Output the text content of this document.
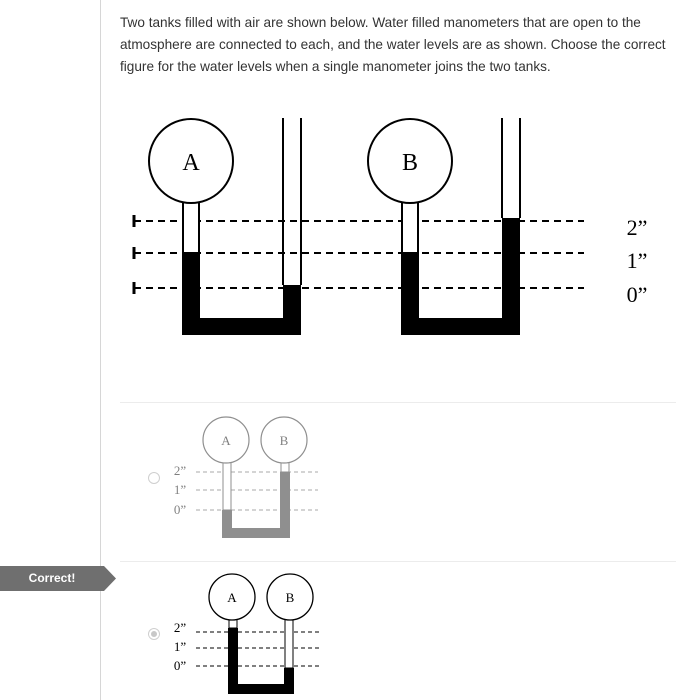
Two tanks filled with air are shown below. Water filled manometers that are open to the atmosphere are connected to each, and the water levels are as shown. Choose the correct figure for the water levels when a single manometer joins the two tanks.

A	B
2”
1”
0”
A	B
2”
1”
0”
Correct!
A	B
2”
1”
0”
